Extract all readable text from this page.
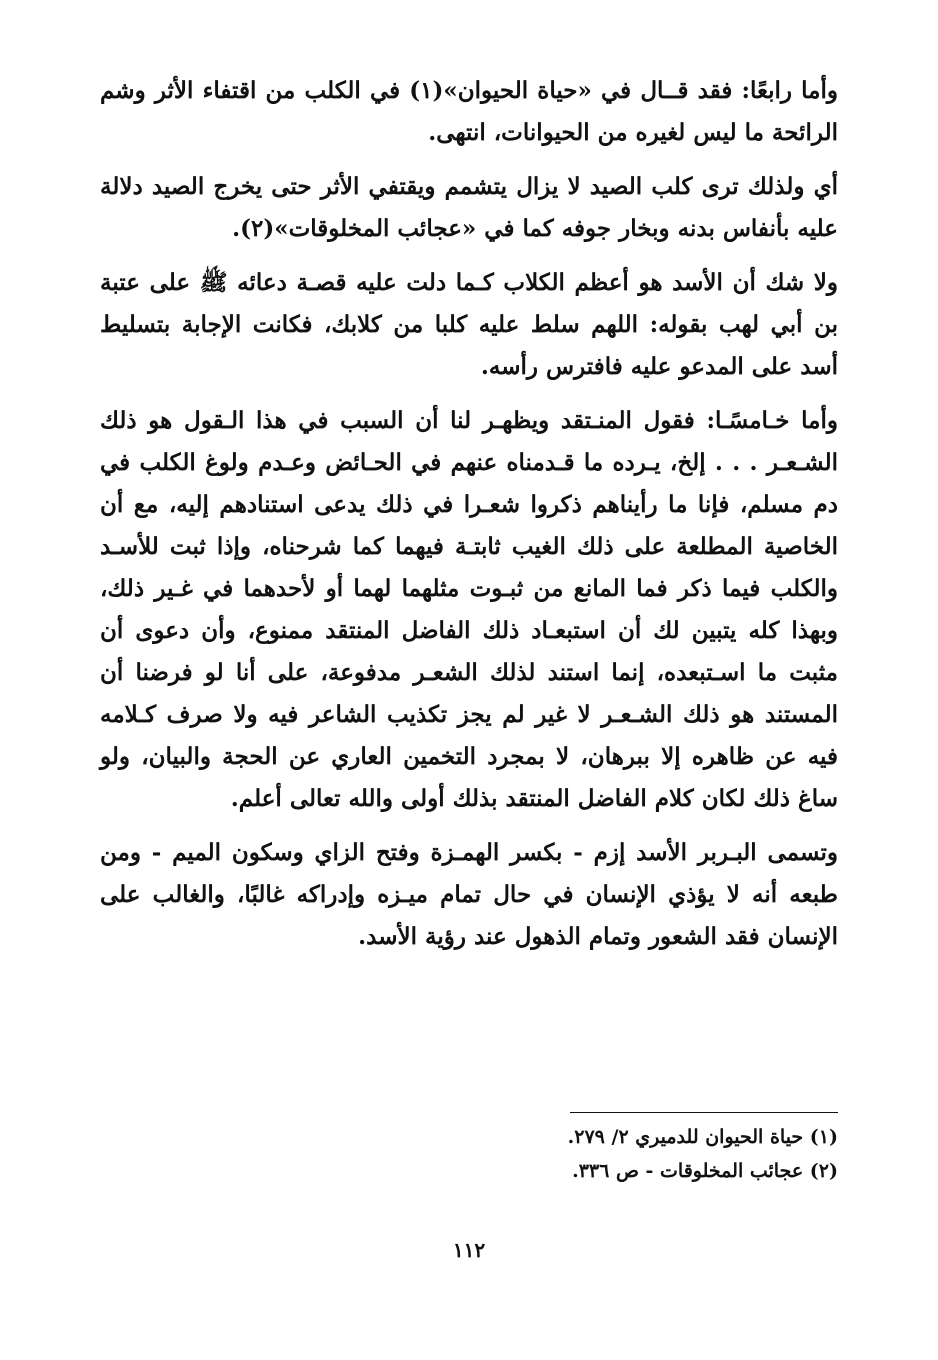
وأما رابعًا: فقد قــال في «حياة الحيوان»(١) في الكلب من اقتفاء الأثر وشم الرائحة ما ليس لغيره من الحيوانات، انتهى.

أي ولذلك ترى كلب الصيد لا يزال يتشمم ويقتفي الأثر حتى يخرج الصيد دلالة عليه بأنفاس بدنه وبخار جوفه كما في «عجائب المخلوقات»(٢).

ولا شك أن الأسد هو أعظم الكلاب كـما دلت عليه قصـة دعائه ﷺ على عتبة بن أبي لهب بقوله: اللهم سلط عليه كلبا من كلابك، فكانت الإجابة بتسليط أسد على المدعو عليه فافترس رأسه.

وأما خـامسًـا: فقول المنـتقد ويظهـر لنا أن السبب في هذا الـقول هو ذلك الشـعـر . . . إلخ، يـرده ما قـدمناه عنهم في الحـائض وعـدم ولوغ الكلب في دم مسلم، فإنا ما رأيناهم ذكروا شعـرا في ذلك يدعى استنادهم إليه، مع أن الخاصية المطلعة على ذلك الغيب ثابتـة فيهما كما شرحناه، وإذا ثبت للأسـد والكلب فيما ذكر فما المانع من ثبـوت مثلهما لهما أو لأحدهما في غـير ذلك، وبهذا كله يتبين لك أن استبعـاد ذلك الفاضل المنتقد ممنوع، وأن دعوى أن مثبت ما اسـتبعده، إنما استند لذلك الشعـر مدفوعة، على أنا لو فرضنا أن المستند هو ذلك الشـعـر لا غير لم يجز تكذيب الشاعر فيه ولا صرف كـلامه فيه عن ظاهره إلا ببرهان، لا بمجرد التخمين العاري عن الحجة والبيان، ولو ساغ ذلك لكان كلام الفاضل المنتقد بذلك أولى والله تعالى أعلم.

وتسمى البـربر الأسد إزم - بكسر الهمـزة وفتح الزاي وسكون الميم - ومن طبعه أنه لا يؤذي الإنسان في حال تمام ميـزه وإدراكه غالبًا، والغالب على الإنسان فقد الشعور وتمام الذهول عند رؤية الأسد.

(١) حياة الحيوان للدميري ٢/ ٢٧٩.

(٢) عجائب المخلوقات - ص ٣٣٦.

١١٢
